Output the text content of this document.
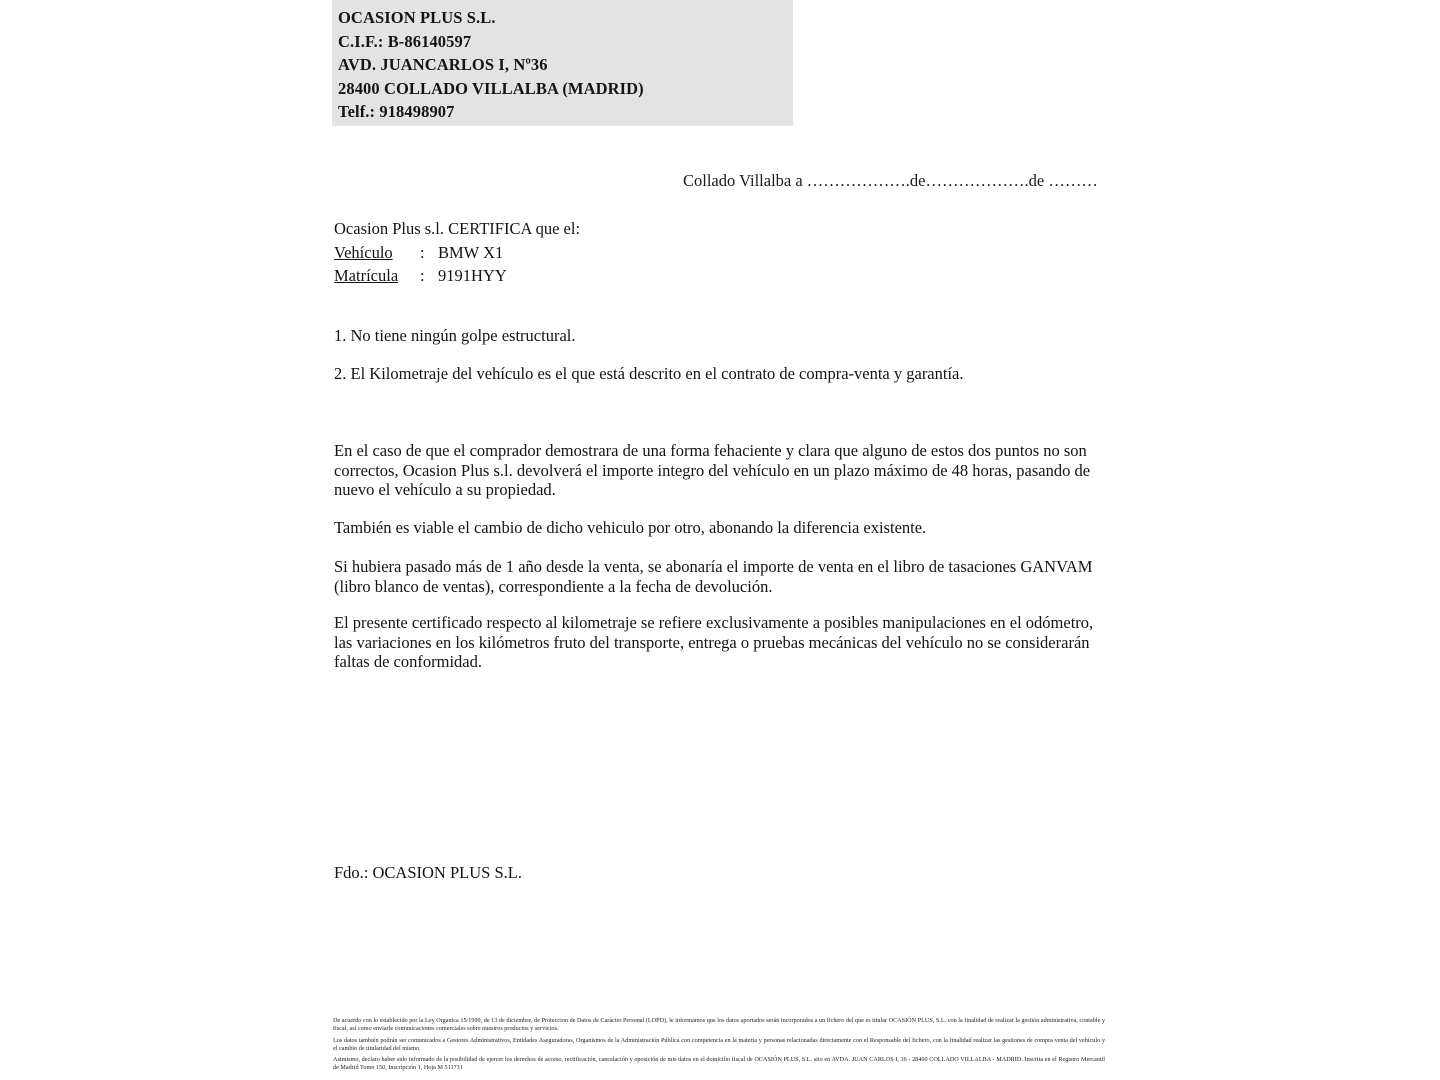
OCASION PLUS S.L.
C.I.F.: B-86140597
AVD. JUANCARLOS I, Nº36
28400 COLLADO VILLALBA (MADRID)
Telf.: 918498907
Collado Villalba a ……………….de……………….de ………
Ocasion Plus s.l. CERTIFICA que el:
Vehículo : BMW X1
Matrícula : 9191HYY
1. No tiene ningún golpe estructural.
2. El Kilometraje del vehículo es el que está descrito en el contrato de compra-venta y garantía.
En el caso de que el comprador demostrara de una forma fehaciente y clara que alguno de estos dos puntos no son correctos, Ocasion Plus s.l. devolverá el importe integro del vehículo en un plazo máximo de 48 horas, pasando de nuevo el vehículo a su propiedad.
También es viable el cambio de dicho vehiculo por otro, abonando la diferencia existente.
Si hubiera pasado más de 1 año desde la venta, se abonaría el importe de venta en el libro de tasaciones GANVAM (libro blanco de ventas), correspondiente a la fecha de devolución.
El presente certificado respecto al kilometraje se refiere exclusivamente a posibles manipulaciones en el odómetro, las variaciones en los kilómetros fruto del transporte, entrega o pruebas mecánicas del vehículo no se considerarán faltas de conformidad.
Fdo.: OCASION PLUS S.L.

De acuerdo con lo establecido por la Ley Organica 15/1999, de 13 de diciembre, de Proteccion de Datos de Carácter Personal (LOPD), le informamos que los datos aportados serán incorporados a un fichero del que es titular OCASIÓN PLUS, S.L. con la finalidad de realizar la gestión administrativa, contable y fiscal, así como enviarle comunicaciones comerciales sobre nuestros productos y servicios.

Los datos también podrán ser comunicados a Gestores Administrativos, Entidades Aseguradoras, Organismos de la Administración Pública con competencia en la materia y personas relacionadas directamente con el Responsable del fichero, con la finalidad realizar las gestiones de compra venta del vehículo y el cambio de titularidad del mismo.

Asimismo, declaro haber sido informado de la posibilidad de ejercer los derechos de acceso, rectificación, cancelación y oposición de mis datos en el domicilio fiscal de OCASIÓN PLUS, S.L. sito en AVDA. JUAN CARLOS I, 36 - 28400 COLLADO VILLALBA - MADRID. Inscrita en el Registro Mercantil de Madrid Tomo 150, Inscripción 1, Hoja M 511731
